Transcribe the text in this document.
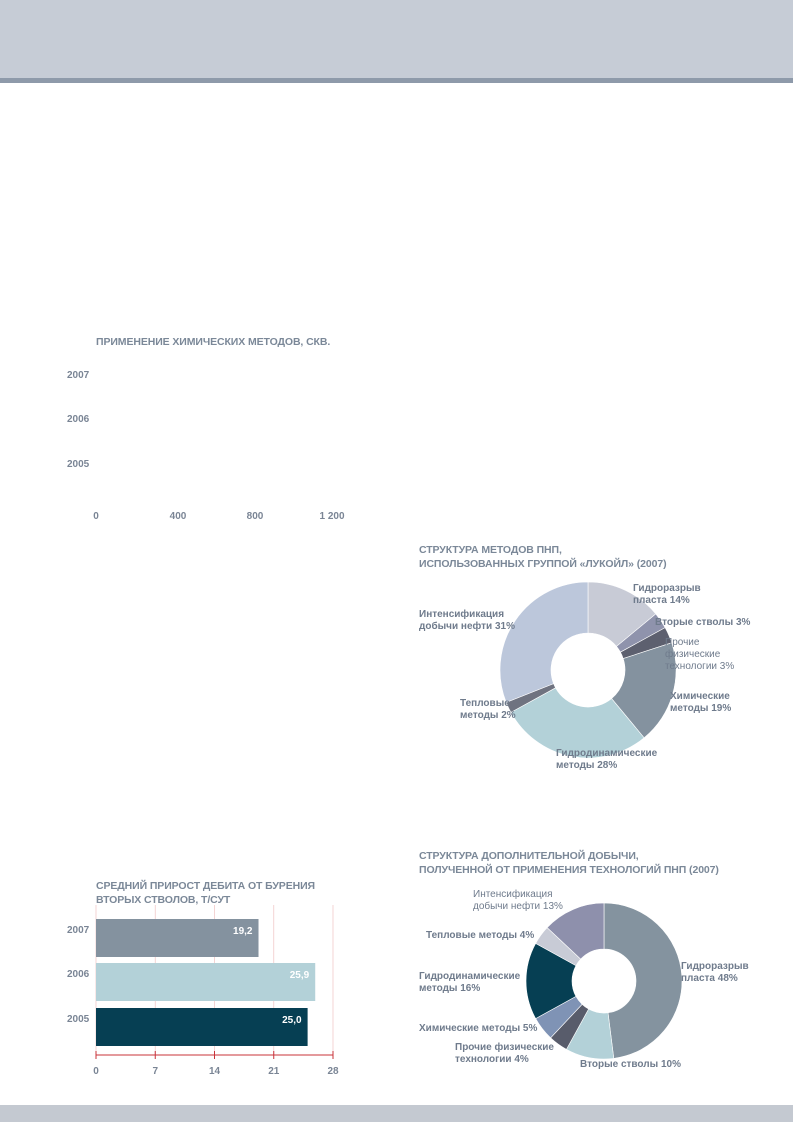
ПРИМЕНЕНИЕ ХИМИЧЕСКИХ МЕТОДОВ, СКВ.
2007
2006
2005
0	400	800	1 200
СТРУКТУРА МЕТОДОВ ПНП,
ИСПОЛЬЗОВАННЫХ ГРУППОЙ «ЛУКОЙЛ» (2007)
Гидроразрыв
пласта 14%
Вторые стволы 3%
Прочие
физические
технологии 3%
Химические
методы 19%
Гидродинамические
методы 28%
Тепловые
методы 2%
Интенсификация
добычи нефти 31%
СТРУКТУРА ДОПОЛНИТЕЛЬНОЙ ДОБЫЧИ,
ПОЛУЧЕННОЙ ОТ ПРИМЕНЕНИЯ ТЕХНОЛОГИЙ ПНП (2007)
Гидроразрыв
пласта 48%
Вторые стволы 10%
Прочие физические
технологии 4%
Химические методы 5%
Гидродинамические
методы 16%
Тепловые методы 4%
Интенсификация
добычи нефти 13%
СРЕДНИЙ ПРИРОСТ ДЕБИТА ОТ БУРЕНИЯ
ВТОРЫХ СТВОЛОВ, Т/СУТ
19,2
2007
25,9
2006
25,0
2005
0	7	14	21	28
